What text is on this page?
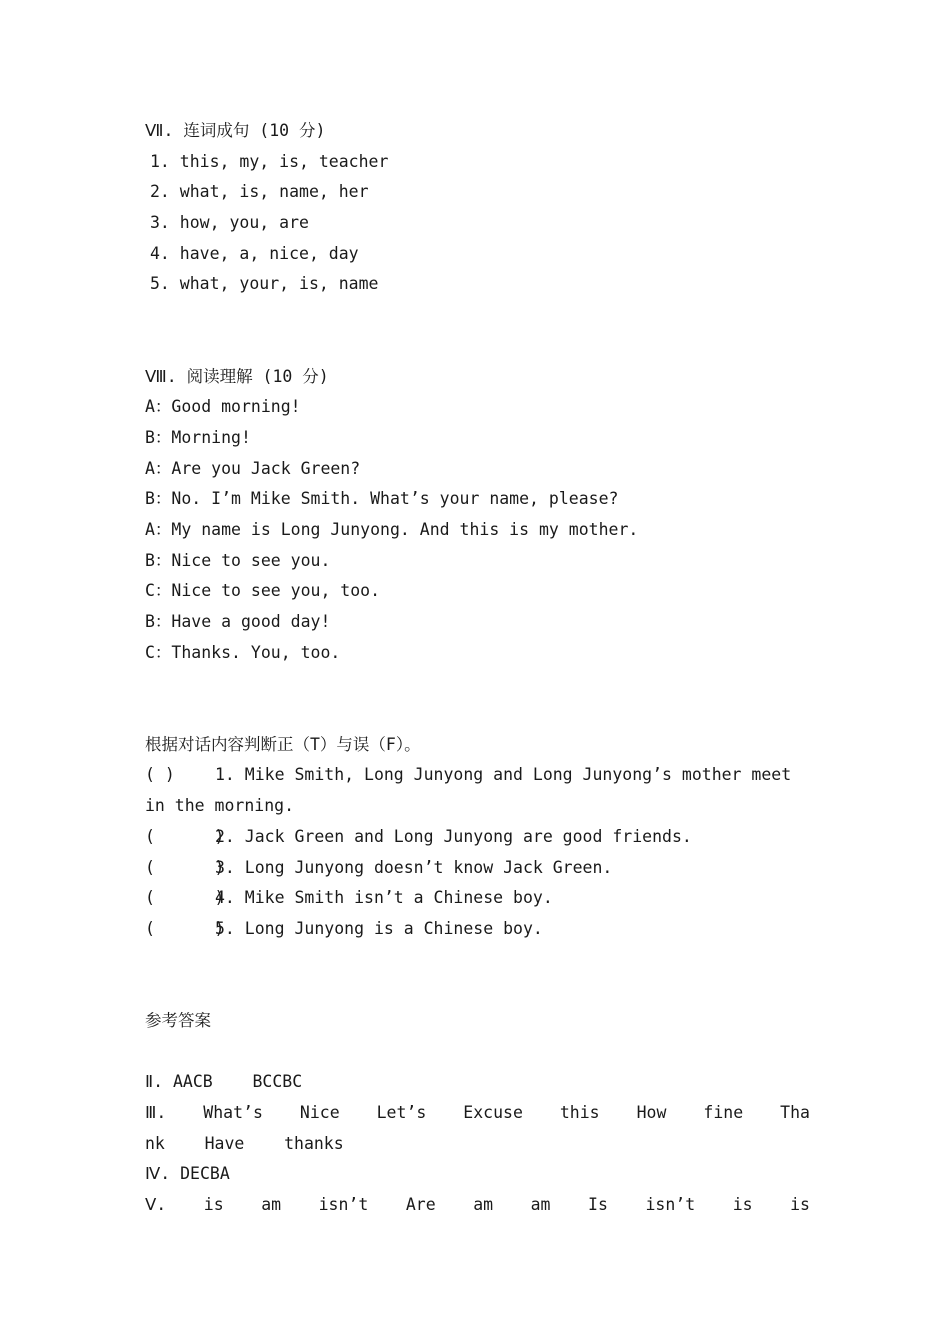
Ⅶ. 连词成句 (10 分)
1. this, my, is, teacher
2. what, is, name, her
3. how, you, are
4. have, a, nice, day
5. what, your, is, name
Ⅷ. 阅读理解 (10 分)
A：Good morning!
B：Morning!
A：Are you Jack Green?
B：No. I’m Mike Smith. What’s your name, please?
A：My name is Long Junyong. And this is my mother.
B：Nice to see you.
C：Nice to see you, too.
B：Have a good day!
C：Thanks. You, too.
根据对话内容判断正（T）与误（F）。
( ) 1. Mike Smith, Long Junyong and Long Junyong’s mother meet in the morning.
(      )
2. Jack Green and Long Junyong are good friends.
(      )
3. Long Junyong doesn’t know Jack Green.
(      )
4. Mike Smith isn’t a Chinese boy.
(      )
5. Long Junyong is a Chinese boy.
参考答案
Ⅱ. AACB    BCCBC
Ⅲ. What’s Nice Let’s Excuse this How fine Tha
nk    Have    thanks
Ⅳ. DECBA
Ⅴ. is am isn’t Are am am Is isn’t is is
